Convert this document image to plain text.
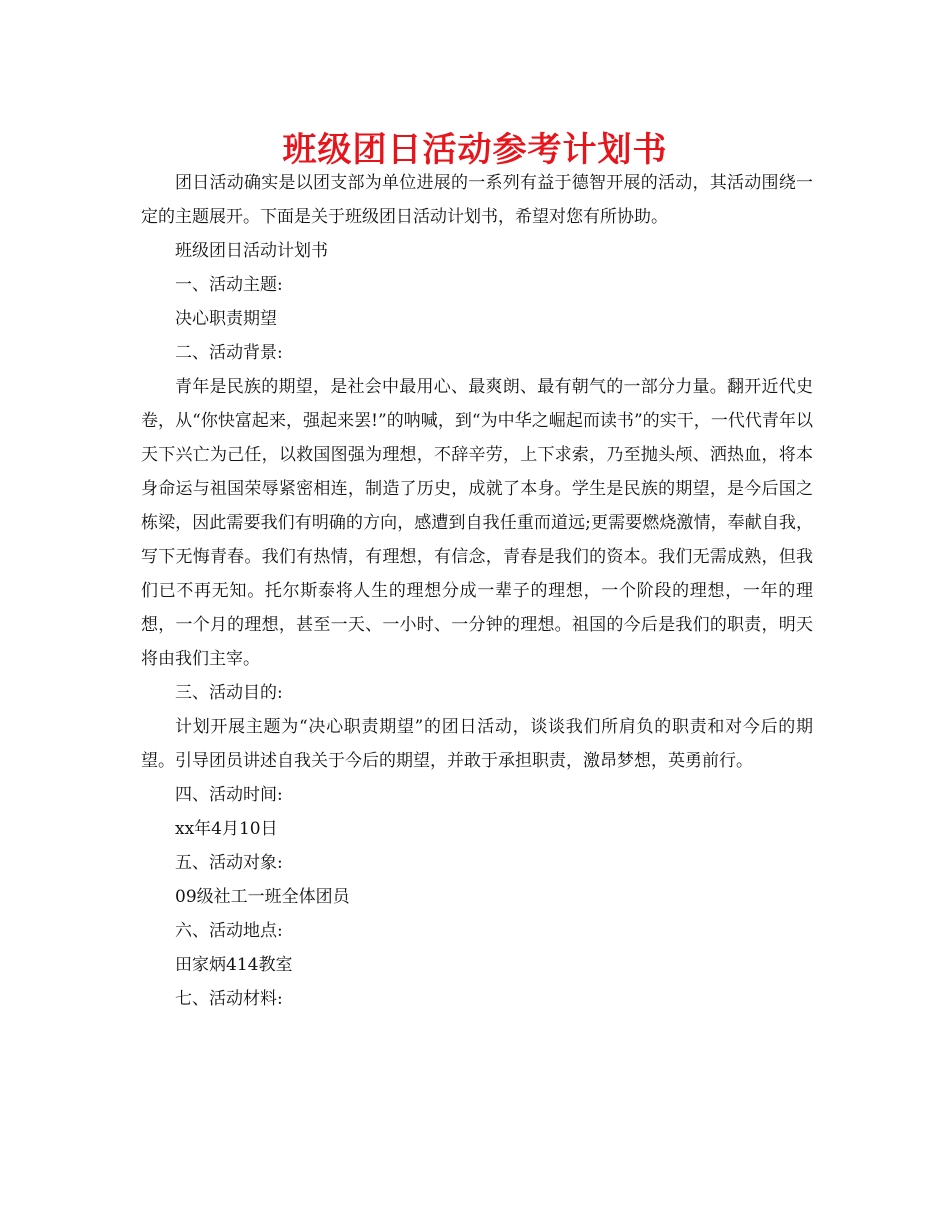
班级团日活动参考计划书

团日活动确实是以团支部为单位进展的一系列有益于德智开展的活动，其活动围绕一定的主题展开。下面是关于班级团日活动计划书，希望对您有所协助。

班级团日活动计划书

一、活动主题:

决心职责期望

二、活动背景:

青年是民族的期望，是社会中最用心、最爽朗、最有朝气的一部分力量。翻开近代史卷，从“你快富起来，强起来罢!”的呐喊，到“为中华之崛起而读书”的实干，一代代青年以天下兴亡为己任，以救国图强为理想，不辞辛劳，上下求索，乃至抛头颅、洒热血，将本身命运与祖国荣辱紧密相连，制造了历史，成就了本身。学生是民族的期望，是今后国之栋梁，因此需要我们有明确的方向，感遭到自我任重而道远;更需要燃烧激情，奉献自我，写下无悔青春。我们有热情，有理想，有信念，青春是我们的资本。我们无需成熟，但我们已不再无知。托尔斯泰将人生的理想分成一辈子的理想，一个阶段的理想，一年的理想，一个月的理想，甚至一天、一小时、一分钟的理想。祖国的今后是我们的职责，明天将由我们主宰。

三、活动目的:

计划开展主题为“决心职责期望”的团日活动，谈谈我们所肩负的职责和对今后的期望。引导团员讲述自我关于今后的期望，并敢于承担职责，激昂梦想，英勇前行。

四、活动时间:

xx年4月10日

五、活动对象:

09级社工一班全体团员

六、活动地点:

田家炳414教室

七、活动材料:
